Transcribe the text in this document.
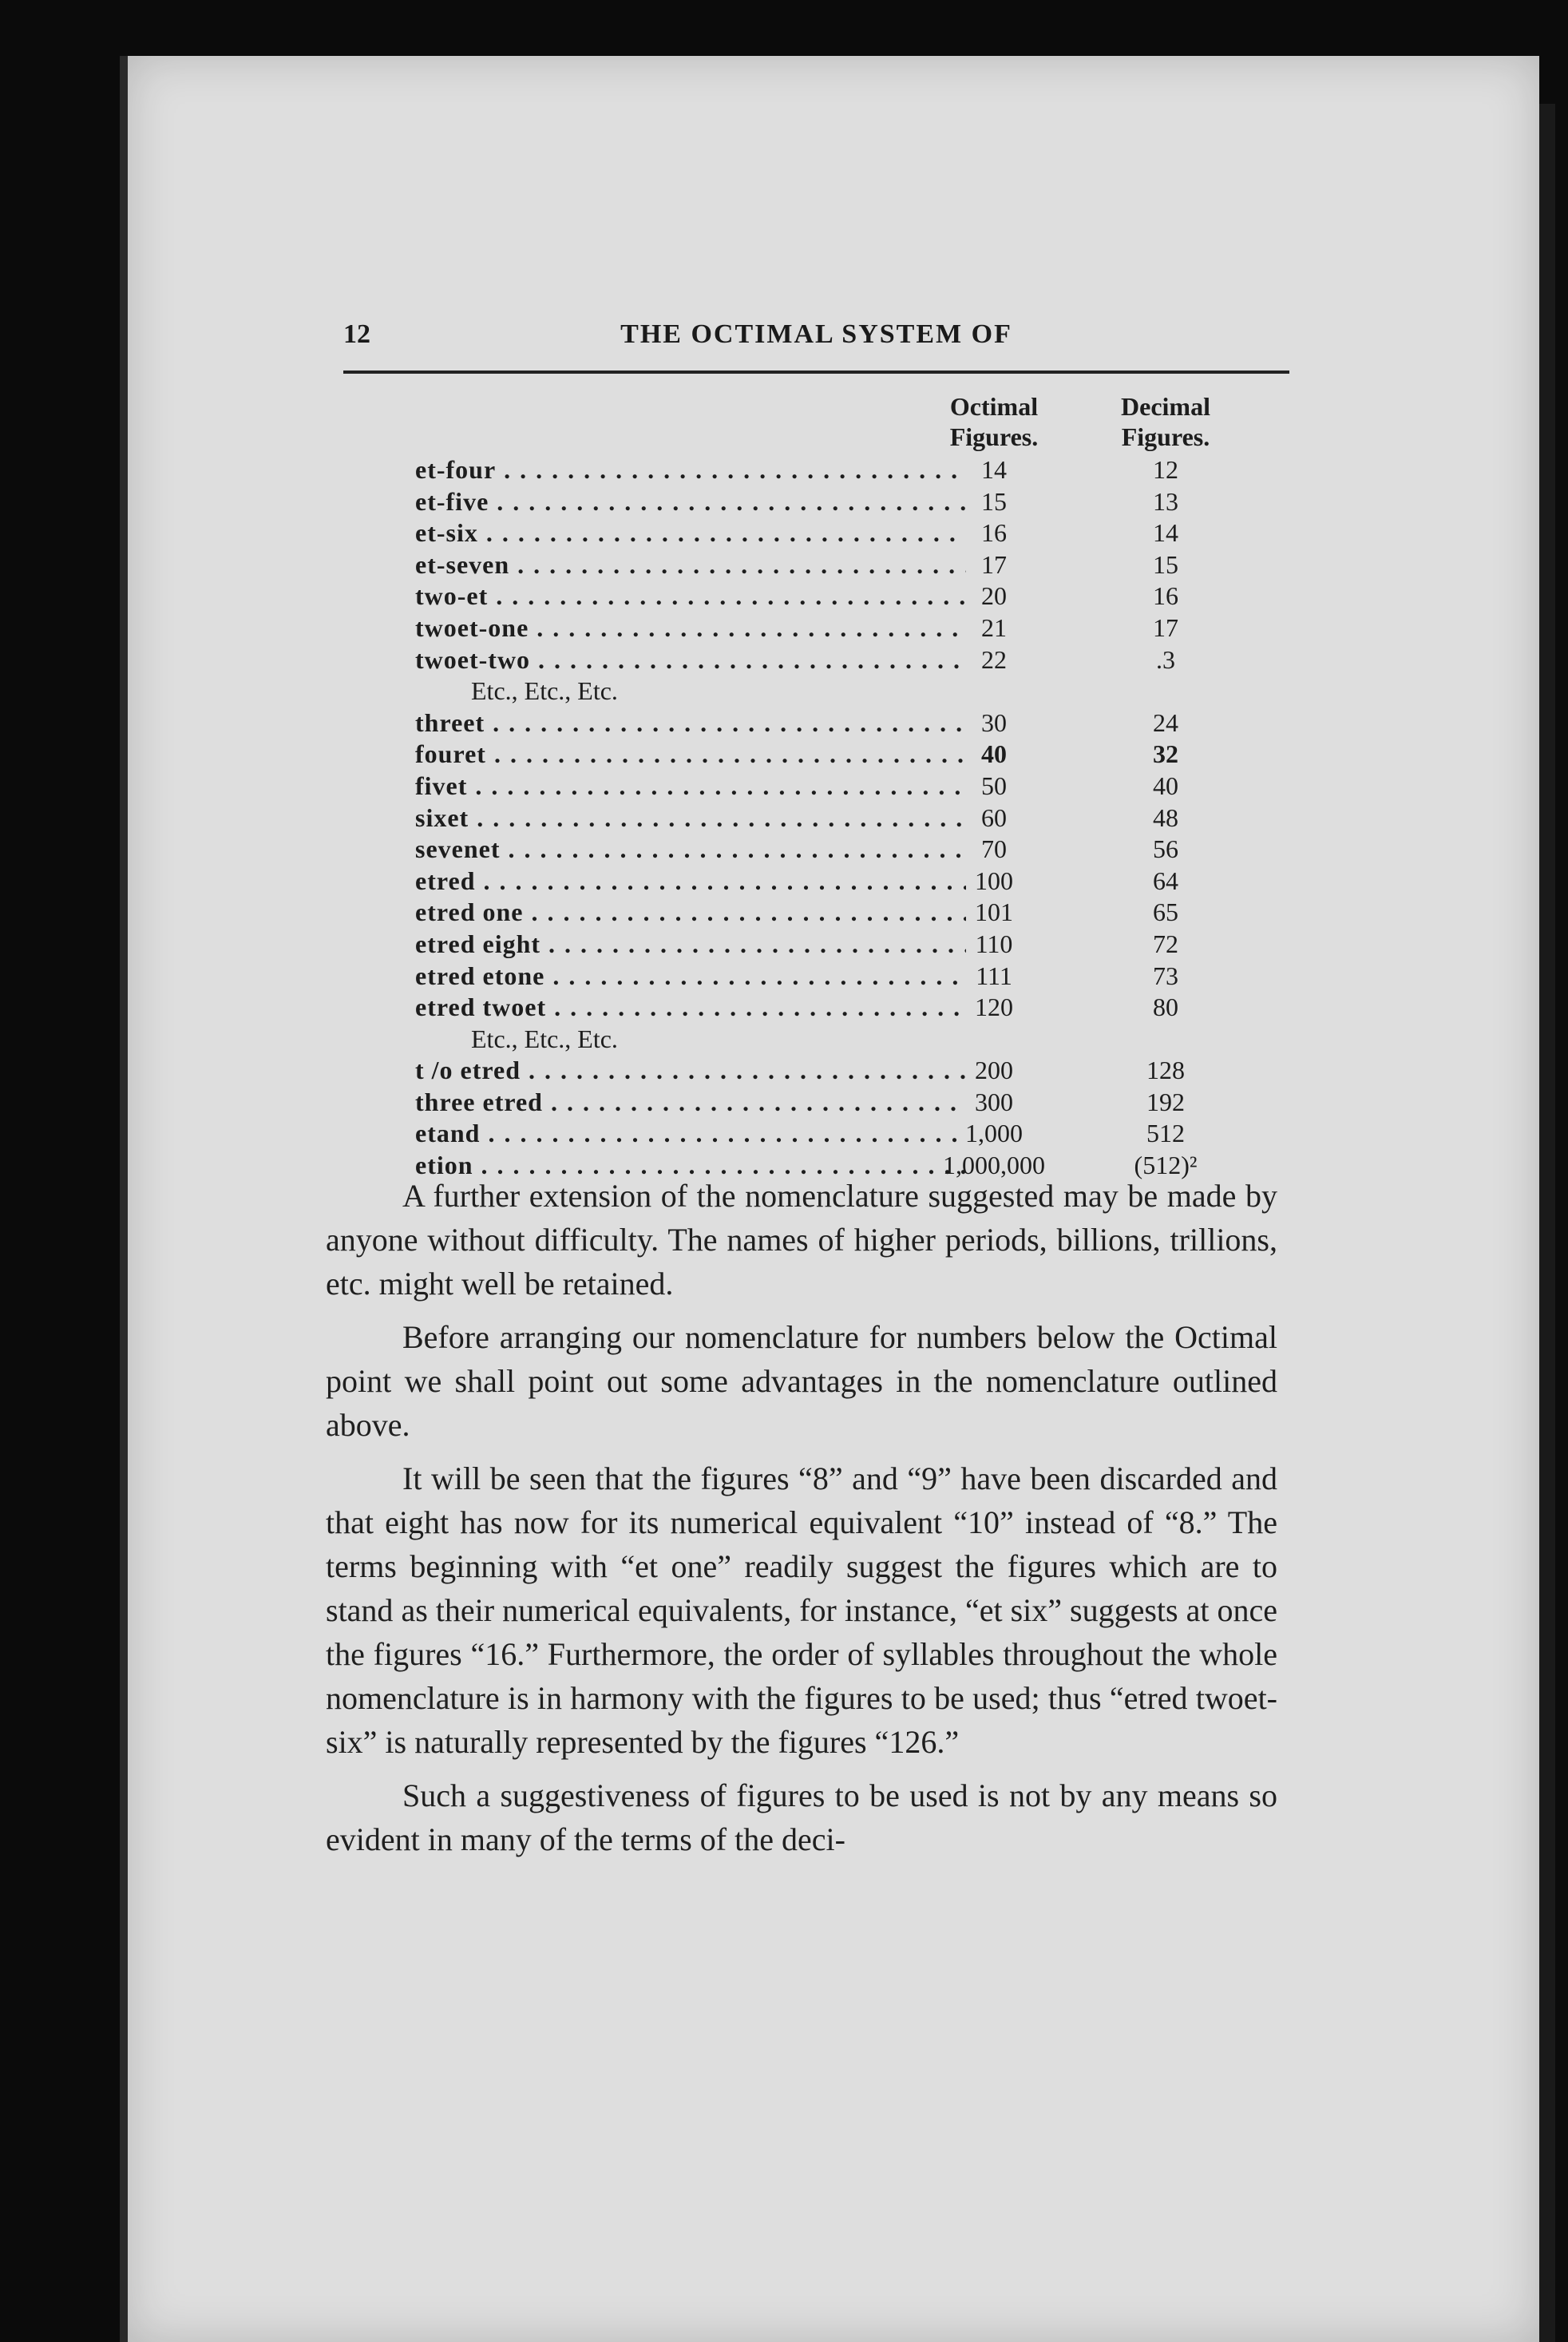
12	THE OCTIMAL SYSTEM OF
Octimal
Figures.
Decimal
Figures.
et-four . . .	14	12
et-five . . .	15	13
et-six . . .	16	14
et-seven . . .	17	15
two-et . . .	20	16
twoet-one . . .	21	17
twoet-two . . .	22	.3
Etc., Etc., Etc.
threet . . .	30	24
fouret . . .	40	32
fivet . . .	50	40
sixet . . .	60	48
sevenet . . .	70	56
etred . . .	100	64
etred one . . .	101	65
etred eight . . .	110	72
etred etone . . .	111	73
etred twoet . . .	120	80
Etc., Etc., Etc.
t /o etred . . .	200	128
three etred . . .	300	192
etand . . .	1,000	512
etion . . .	1,000,000	(512)²

A further extension of the nomenclature suggested may be made by anyone without difficulty. The names of higher periods, billions, trillions, etc. might well be retained.

Before arranging our nomenclature for numbers below the Octimal point we shall point out some advantages in the nomenclature outlined above.

It will be seen that the figures “8” and “9” have been discarded and that eight has now for its numerical equivalent “10” instead of “8.” The terms beginning with “et one” readily suggest the figures which are to stand as their numerical equivalents, for instance, “et six” suggests at once the figures “16.” Furthermore, the order of syllables throughout the whole nomenclature is in harmony with the figures to be used; thus “etred twoet-six” is naturally represented by the figures “126.”

Such a suggestiveness of figures to be used is not by any means so evident in many of the terms of the deci-
